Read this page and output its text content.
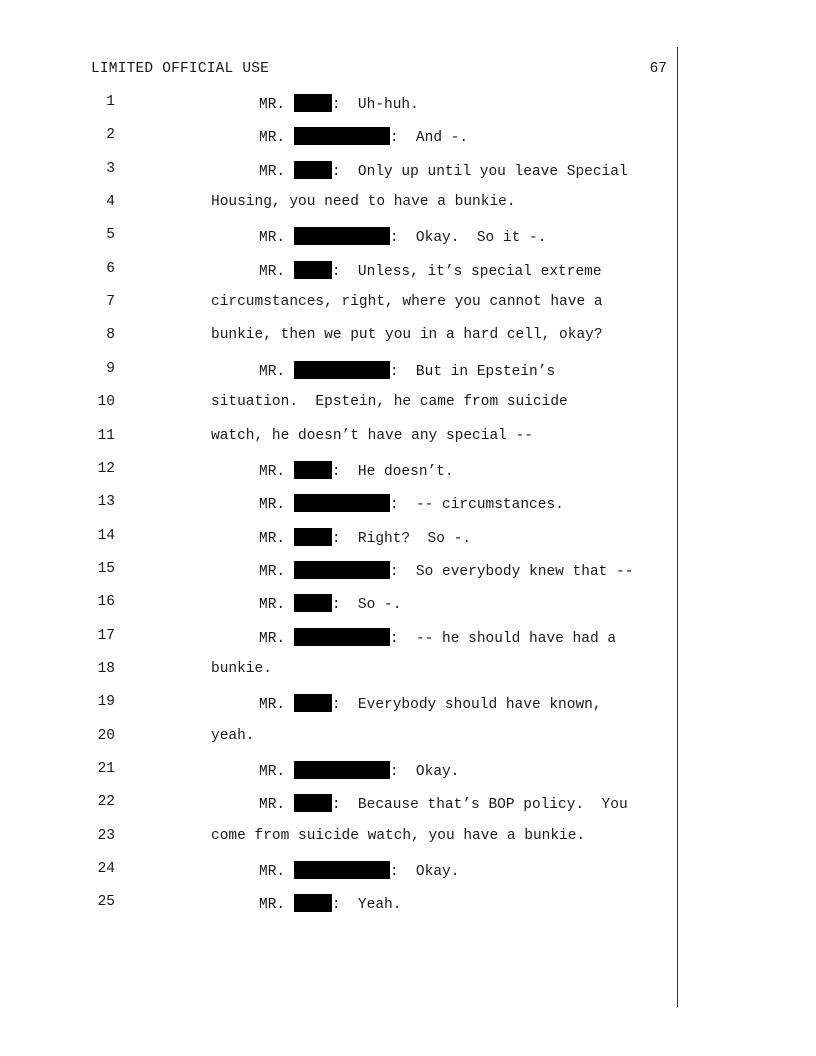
LIMITED OFFICIAL USE	67
1	MR.	:  Uh-huh.
2	MR.	:  And -.
3	MR.	:  Only up until you leave Special
4	Housing, you need to have a bunkie.
5	MR.	:  Okay.  So it -.
6	MR.	:  Unless, it’s special extreme
7	circumstances, right, where you cannot have a
8	bunkie, then we put you in a hard cell, okay?
9	MR.	:  But in Epstein’s
10	situation.  Epstein, he came from suicide
11	watch, he doesn’t have any special --
12	MR.	:  He doesn’t.
13	MR.	:  -- circumstances.
14	MR.	:  Right?  So -.
15	MR.	:  So everybody knew that --
16	MR.	:  So -.
17	MR.	:  -- he should have had a
18	bunkie.
19	MR.	:  Everybody should have known,
20	yeah.
21	MR.	:  Okay.
22	MR.	:  Because that’s BOP policy.  You
23	come from suicide watch, you have a bunkie.
24	MR.	:  Okay.
25	MR.	:  Yeah.
